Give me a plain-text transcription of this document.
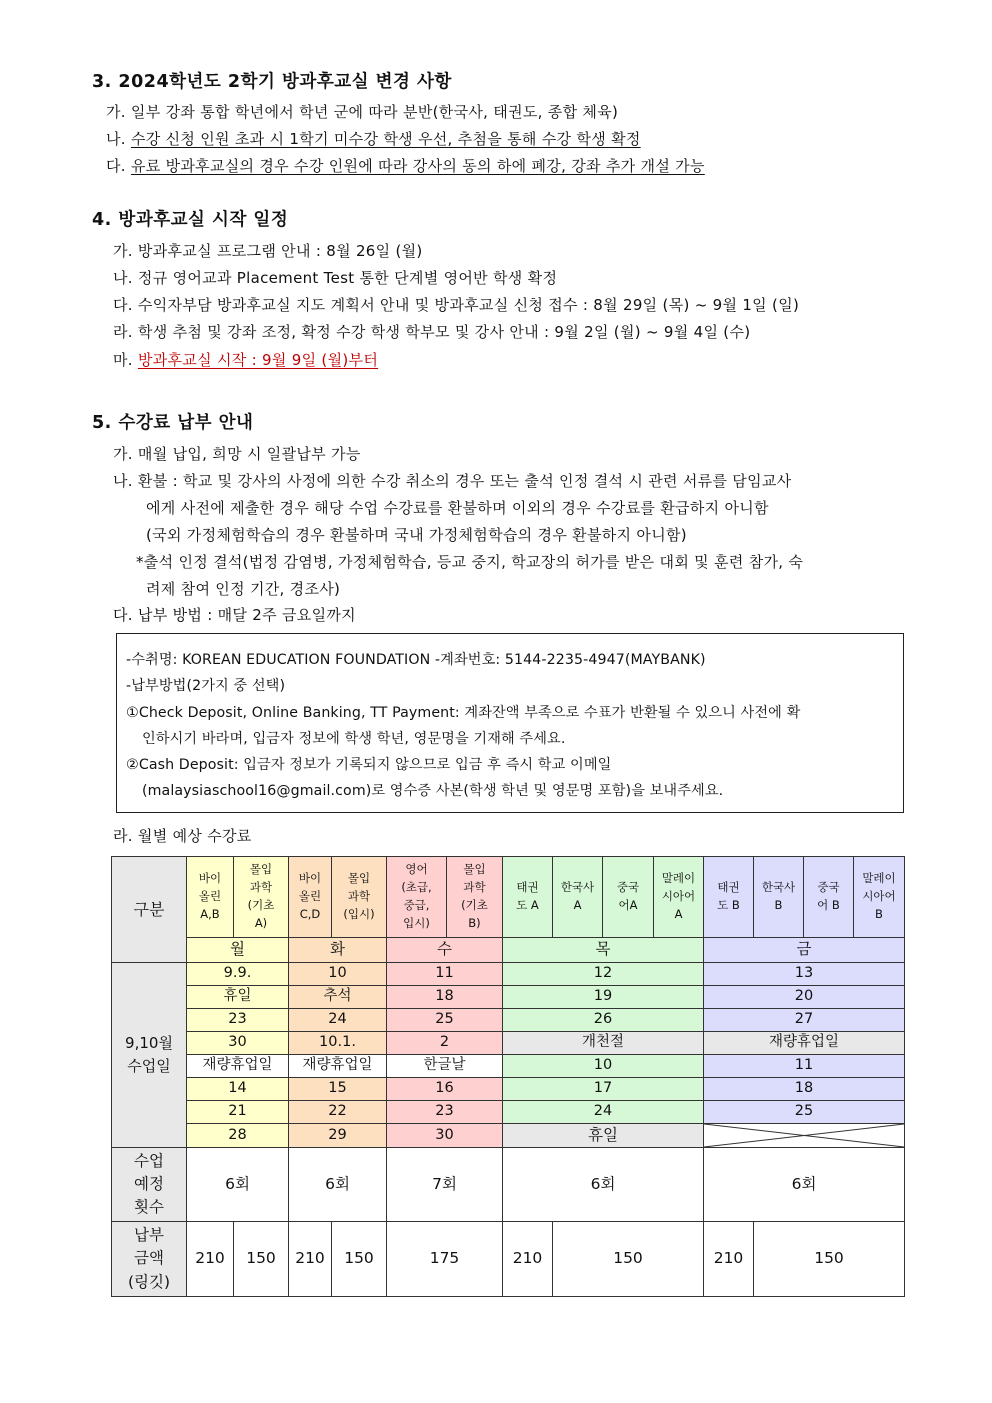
3. 2024학년도 2학기 방과후교실 변경 사항
가. 일부 강좌 통합 학년에서 학년 군에 따라 분반(한국사, 태권도, 종합 체육)
나. 수강 신청 인원 초과 시 1학기 미수강 학생 우선, 추첨을 통해 수강 학생 확정
다. 유료 방과후교실의 경우 수강 인원에 따라 강사의 동의 하에 폐강, 강좌 추가 개설 가능
4. 방과후교실 시작 일정
가. 방과후교실 프로그램 안내 : 8월 26일 (월)
나. 정규 영어교과 Placement Test 통한 단계별 영어반 학생 확정
다. 수익자부담 방과후교실 지도 계획서 안내 및 방과후교실 신청 접수 : 8월 29일 (목) ~ 9월 1일 (일)
라. 학생 추첨 및 강좌 조정, 확정 수강 학생 학부모 및 강사 안내 : 9월 2일 (월) ~ 9월 4일 (수)
마. 방과후교실 시작 : 9월 9일 (월)부터
5. 수강료 납부 안내
가. 매월 납입, 희망 시 일괄납부 가능
나. 환불 : 학교 및 강사의 사정에 의한 수강 취소의 경우 또는 출석 인정 결석 시 관련 서류를 담임교사
에게 사전에 제출한 경우 해당 수업 수강료를 환불하며 이외의 경우 수강료를 환급하지 아니함
(국외 가정체험학습의 경우 환불하며 국내 가정체험학습의 경우 환불하지 아니함)
*출석 인정 결석(법정 감염병, 가정체험학습, 등교 중지, 학교장의 허가를 받은 대회 및 훈련 참가, 숙
려제 참여 인정 기간, 경조사)
다. 납부 방법 : 매달 2주 금요일까지
-수취명: KOREAN EDUCATION FOUNDATION -계좌번호: 5144-2235-4947(MAYBANK)
-납부방법(2가지 중 선택)
①Check Deposit, Online Banking, TT Payment: 계좌잔액 부족으로 수표가 반환될 수 있으니 사전에 확
인하시기 바라며, 입금자 정보에 학생 학년, 영문명을 기재해 주세요.
②Cash Deposit: 입금자 정보가 기록되지 않으므로 입금 후 즉시 학교 이메일
(malaysiaschool16@gmail.com)로 영수증 사본(학생 학년 및 영문명 포함)을 보내주세요.
라. 월별 예상 수강료
구분	바이
올린
A,B	몰입
과학
(기초
A)	바이
올린
C,D	몰입
과학
(입시)	영어
(초급,
중급,
입시)	몰입
과학
(기초
B)	태권
도 A	한국사
A	중국
어A	말레이
시아어
A	태권
도 B	한국사
B	중국
어 B	말레이
시아어
B
	월		화		수		목				금			
9,10월
수업일	9.9.		10		11		12				13			
	휴일		추석		18		19				20			
	23		24		25		26				27			
	30		10.1.		2		개천절				재량휴업일			
	재량휴업일		재량휴업일		한글날		10				11			
	14		15		16		17				18			
	21		22		23		24				25			
	28		29		30		휴일	

수업
예정
횟수	6회		6회		7회		6회				6회			
납부
금액
(링깃)	210	150	210	150	175		210	150			210	150		
